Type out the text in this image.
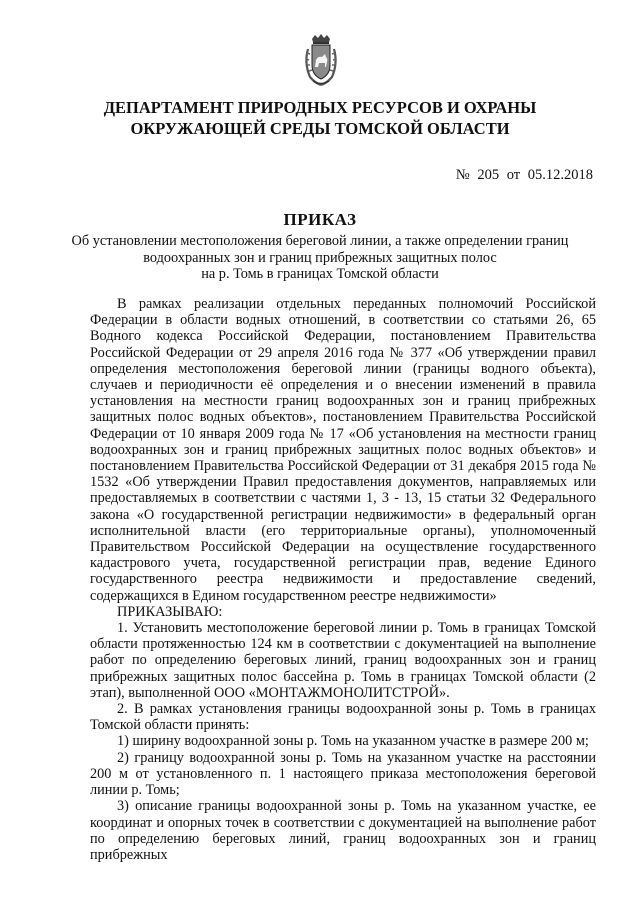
ДЕПАРТАМЕНТ ПРИРОДНЫХ РЕСУРСОВ И ОХРАНЫ
ОКРУЖАЮЩЕЙ СРЕДЫ ТОМСКОЙ ОБЛАСТИ
№ 205 от 05.12.2018
ПРИКАЗ
Об установлении местоположения береговой линии, а также определении границ
водоохранных зон и границ прибрежных защитных полос
на р. Томь в границах Томской области

В рамках реализации отдельных переданных полномочий Российской Федерации в области водных отношений, в соответствии со статьями 26, 65 Водного кодекса Российской Федерации, постановлением Правительства Российской Федерации от 29 апреля 2016 года № 377 «Об утверждении правил определения местоположения береговой линии (границы водного объекта), случаев и периодичности её определения и о внесении изменений в правила установления на местности границ водоохранных зон и границ прибрежных защитных полос водных объектов», постановлением Правительства Российской Федерации от 10 января 2009 года № 17 «Об установления на местности границ водоохранных зон и границ прибрежных защитных полос водных объектов» и постановлением Правительства Российской Федерации от 31 декабря 2015 года № 1532 «Об утверждении Правил предоставления документов, направляемых или предоставляемых в соответствии с частями 1, 3 - 13, 15 статьи 32 Федерального закона «О государственной регистрации недвижимости» в федеральный орган исполнительной власти (его территориальные органы), уполномоченный Правительством Российской Федерации на осуществление государственного кадастрового учета, государственной регистрации прав, ведение Единого государственного реестра недвижимости и предоставление сведений, содержащихся в Едином государственном реестре недвижимости»

ПРИКАЗЫВАЮ:

1. Установить местоположение береговой линии р. Томь в границах Томской области протяженностью 124 км в соответствии с документацией на выполнение работ по определению береговых линий, границ водоохранных зон и границ прибрежных защитных полос бассейна р. Томь в границах Томской области (2 этап), выполненной ООО «МОНТАЖМОНОЛИТСТРОЙ».

2. В рамках установления границы водоохранной зоны р. Томь в границах Томской области принять:

1) ширину водоохранной зоны р. Томь на указанном участке в размере 200 м;

2) границу водоохранной зоны р. Томь на указанном участке на расстоянии 200 м от установленного п. 1 настоящего приказа местоположения береговой линии р. Томь;

3) описание границы водоохранной зоны р. Томь на указанном участке, ее координат и опорных точек в соответствии с документацией на выполнение работ по определению береговых линий, границ водоохранных зон и границ прибрежных
